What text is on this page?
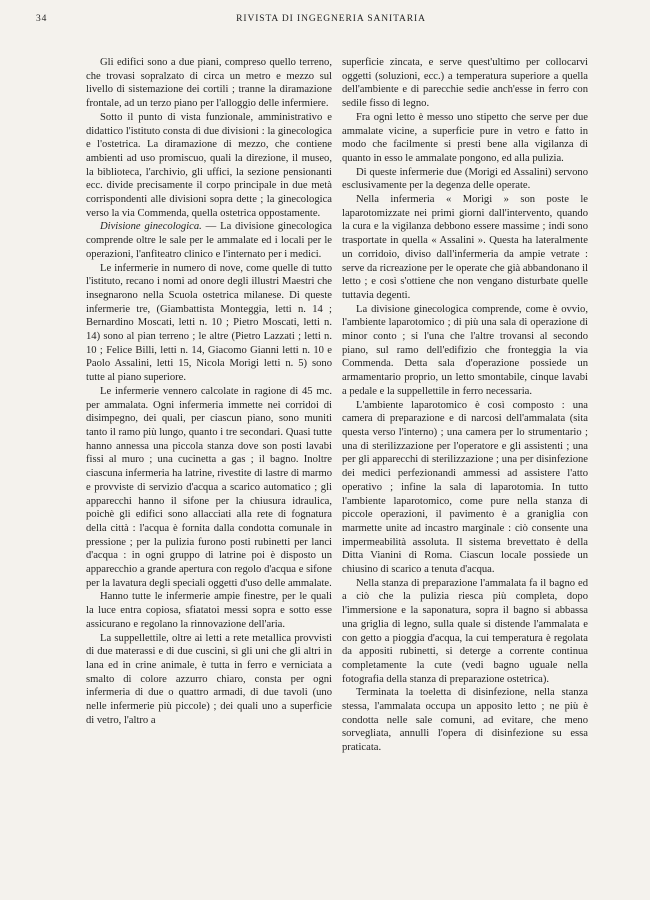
34	RIVISTA DI INGEGNERIA SANITARIA

Gli edifici sono a due piani, compreso quello terreno, che trovasi sopralzato di circa un metro e mezzo sul livello di sistemazione dei cortili ; tranne la diramazione frontale, ad un terzo piano per l'alloggio delle infermiere.

Sotto il punto di vista funzionale, amministrativo e didattico l'istituto consta di due divisioni : la ginecologica e l'ostetrica. La diramazione di mezzo, che contiene ambienti ad uso promiscuo, quali la direzione, il museo, la biblioteca, l'archivio, gli uffici, la sezione pensionanti ecc. divide precisamente il corpo principale in due metà corrispondenti alle divisioni sopra dette ; la ginecologica verso la via Commenda, quella ostetrica oppostamente.

Divisione ginecologica. — La divisione ginecologica comprende oltre le sale per le ammalate ed i locali per le operazioni, l'anfiteatro clinico e l'internato per i medici.

Le infermerie in numero di nove, come quelle di tutto l'istituto, recano i nomi ad onore degli illustri Maestri che insegnarono nella Scuola ostetrica milanese. Di queste infermerie tre, (Giambattista Monteggia, letti n. 14 ; Bernardino Moscati, letti n. 10 ; Pietro Moscati, letti n. 14) sono al pian terreno ; le altre (Pietro Lazzati ; letti n. 10 ; Felice Billi, letti n. 14, Giacomo Gianni letti n. 10 e Paolo Assalini, letti 15, Nicola Morigi letti n. 5) sono tutte al piano superiore.

Le infermerie vennero calcolate in ragione di 45 mc. per ammalata. Ogni infermeria immette nei corridoi di disimpegno, dei quali, per ciascun piano, sono muniti tanto il ramo più lungo, quanto i tre secondari. Quasi tutte hanno annessa una piccola stanza dove son posti lavabi fissi al muro ; una cucinetta a gas ; il bagno. Inoltre ciascuna infermeria ha latrine, rivestite di lastre di marmo e provviste di servizio d'acqua a scarico automatico ; gli apparecchi hanno il sifone per la chiusura idraulica, poichè gli edifici sono allacciati alla rete di fognatura della città : l'acqua è fornita dalla condotta comunale in pressione ; per la pulizia furono posti rubinetti per lanci d'acqua : in ogni gruppo di latrine poi è disposto un apparecchio a grande apertura con regolo d'acqua e sifone per la lavatura degli speciali oggetti d'uso delle ammalate.

Hanno tutte le infermerie ampie finestre, per le quali la luce entra copiosa, sfiatatoi messi sopra e sotto esse assicurano e regolano la rinnovazione dell'aria.

La suppellettile, oltre ai letti a rete metallica provvisti di due materassi e di due cuscini, sì gli uni che gli altri in lana ed in crine animale, è tutta in ferro e verniciata a smalto di colore azzurro chiaro, consta per ogni infermeria di due o quattro armadi, di due tavoli (uno nelle infermerie più piccole) ; dei quali uno a superficie di vetro, l'altro a

superficie zincata, e serve quest'ultimo per collocarvi oggetti (soluzioni, ecc.) a temperatura superiore a quella dell'ambiente e di parecchie sedie anch'esse in ferro con sedile fisso di legno.

Fra ogni letto è messo uno stipetto che serve per due ammalate vicine, a superficie pure in vetro e fatto in modo che facilmente si presti bene alla vigilanza di quanto in esso le ammalate pongono, ed alla pulizia.

Di queste infermerie due (Morigi ed Assalini) servono esclusivamente per la degenza delle operate.

Nella infermeria « Morigi » son poste le laparotomizzate nei primi giorni dall'intervento, quando la cura e la vigilanza debbono essere massime ; indi sono trasportate in quella « Assalini ». Questa ha lateralmente un corridoio, diviso dall'infermeria da ampie vetrate : serve da ricreazione per le operate che già abbandonano il letto ; e così s'ottiene che non vengano disturbate quelle tuttavia degenti.

La divisione ginecologica comprende, come è ovvio, l'ambiente laparotomico ; di più una sala di operazione di minor conto ; si l'una che l'altre trovansi al secondo piano, sul ramo dell'edifizio che fronteggia la via Commenda. Detta sala d'operazione possiede un armamentario proprio, un letto smontabile, cinque lavabi a pedale e la suppellettile in ferro necessaria.

L'ambiente laparotomico è così composto : una camera di preparazione e di narcosi dell'ammalata (sita questa verso l'interno) ; una camera per lo strumentario ; una di sterilizzazione per l'operatore e gli assistenti ; una per gli apparecchi di sterilizzazione ; una per disinfezione dei medici perfezionandi ammessi ad assistere l'atto operativo ; infine la sala di laparotomia. In tutto l'ambiente laparotomico, come pure nella stanza di piccole operazioni, il pavimento è a graniglia con marmette unite ad incastro marginale : ciò consente una impermeabilità assoluta. Il sistema brevettato è della Ditta Vianini di Roma. Ciascun locale possiede un chiusino di scarico a tenuta d'acqua.

Nella stanza di preparazione l'ammalata fa il bagno ed a ciò che la pulizia riesca più completa, dopo l'immersione e la saponatura, sopra il bagno si abbassa una griglia di legno, sulla quale si distende l'ammalata e con getto a pioggia d'acqua, la cui temperatura è regolata da appositi rubinetti, si deterge a corrente continua completamente la cute (vedi bagno uguale nella fotografia della stanza di preparazione ostetrica).

Terminata la toeletta di disinfezione, nella stanza stessa, l'ammalata occupa un apposito letto ; ne più è condotta nelle sale comuni, ad evitare, che meno sorvegliata, annulli l'opera di disinfezione su essa praticata.
